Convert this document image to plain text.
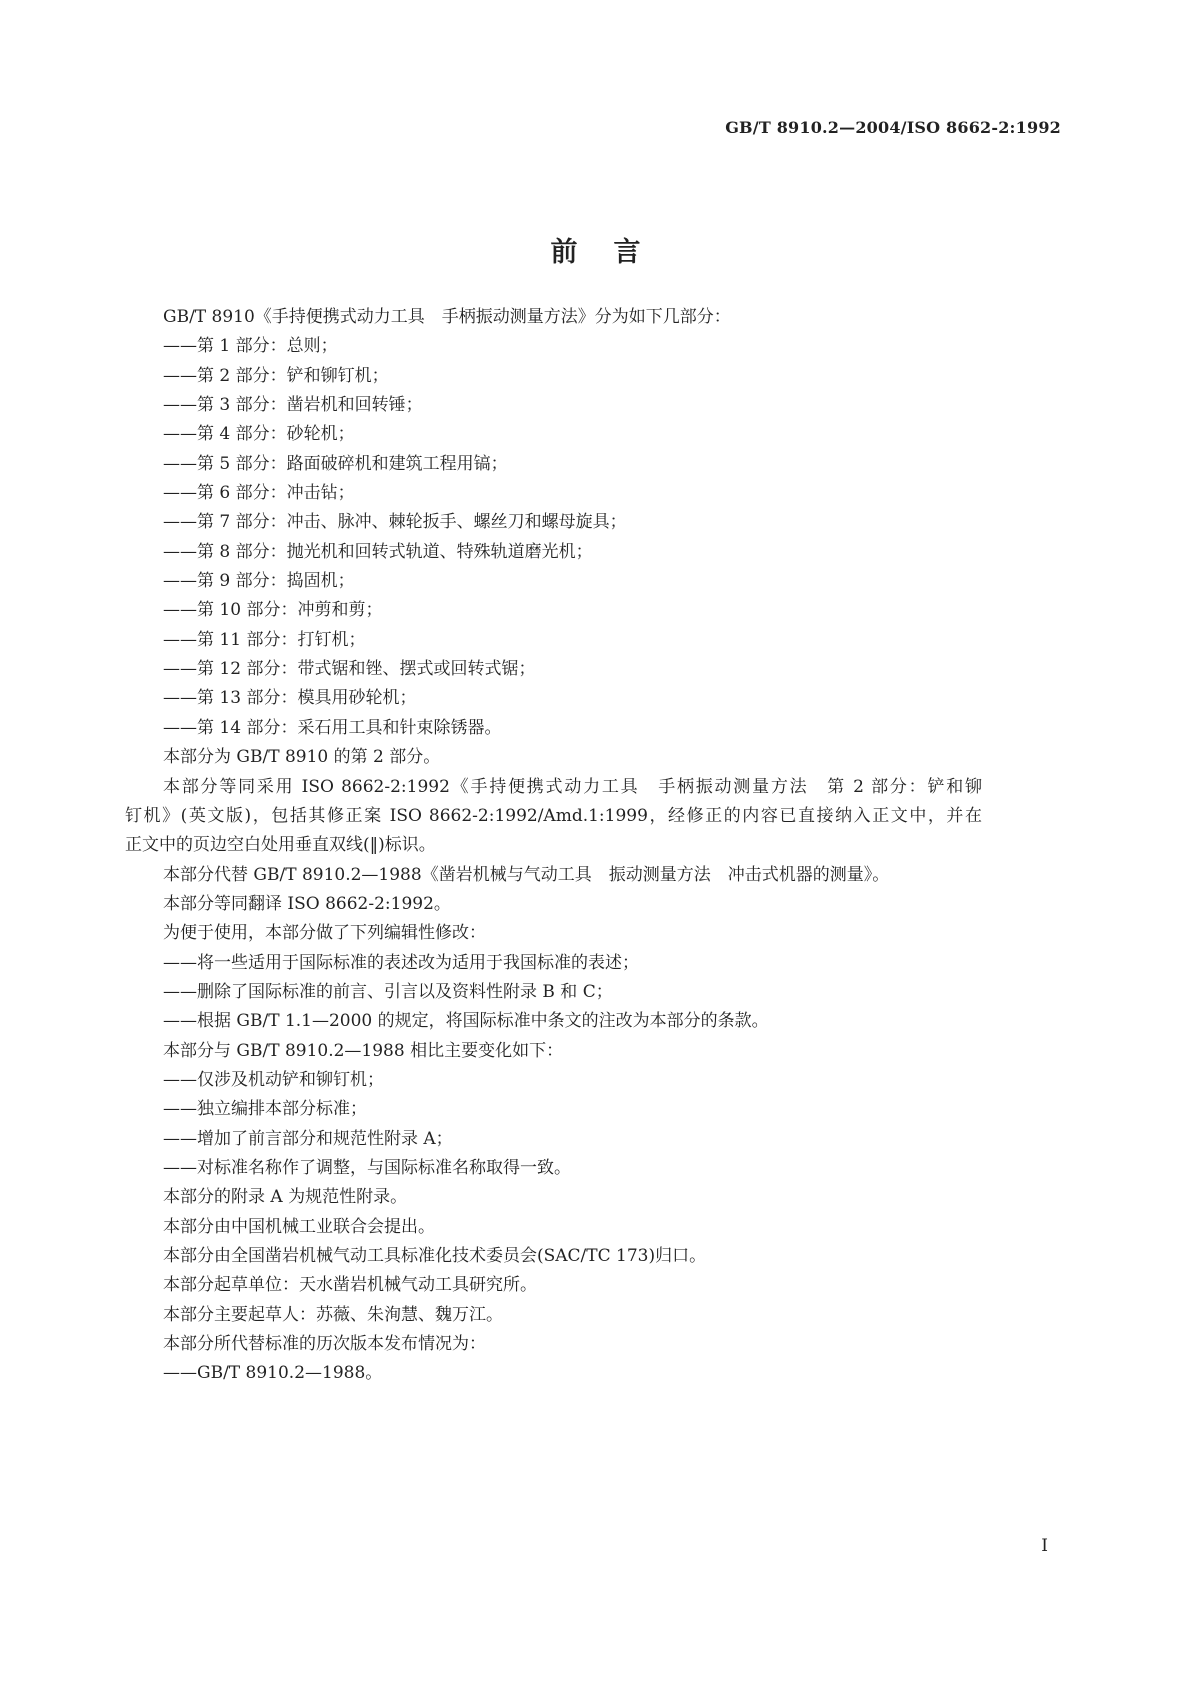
GB/T 8910.2—2004/ISO 8662-2:1992
前言
GB/T 8910《手持便携式动力工具　手柄振动测量方法》分为如下几部分：
——第 1 部分：总则；
——第 2 部分：铲和铆钉机；
——第 3 部分：凿岩机和回转锤；
——第 4 部分：砂轮机；
——第 5 部分：路面破碎机和建筑工程用镐；
——第 6 部分：冲击钻；
——第 7 部分：冲击、脉冲、棘轮扳手、螺丝刀和螺母旋具；
——第 8 部分：抛光机和回转式轨道、特殊轨道磨光机；
——第 9 部分：捣固机；
——第 10 部分：冲剪和剪；
——第 11 部分：打钉机；
——第 12 部分：带式锯和锉、摆式或回转式锯；
——第 13 部分：模具用砂轮机；
——第 14 部分：采石用工具和针束除锈器。
本部分为 GB/T 8910 的第 2 部分。
本部分等同采用 ISO 8662-2:1992《手持便携式动力工具　手柄振动测量方法　第 2 部分：铲和铆
钉机》(英文版)，包括其修正案 ISO 8662-2:1992/Amd.1:1999，经修正的内容已直接纳入正文中，并在
正文中的页边空白处用垂直双线(‖)标识。
本部分代替 GB/T 8910.2—1988《凿岩机械与气动工具　振动测量方法　冲击式机器的测量》。
本部分等同翻译 ISO 8662-2:1992。
为便于使用，本部分做了下列编辑性修改：
——将一些适用于国际标准的表述改为适用于我国标准的表述；
——删除了国际标准的前言、引言以及资料性附录 B 和 C；
——根据 GB/T 1.1—2000 的规定，将国际标准中条文的注改为本部分的条款。
本部分与 GB/T 8910.2—1988 相比主要变化如下：
——仅涉及机动铲和铆钉机；
——独立编排本部分标准；
——增加了前言部分和规范性附录 A；
——对标准名称作了调整，与国际标准名称取得一致。
本部分的附录 A 为规范性附录。
本部分由中国机械工业联合会提出。
本部分由全国凿岩机械气动工具标准化技术委员会(SAC/TC 173)归口。
本部分起草单位：天水凿岩机械气动工具研究所。
本部分主要起草人：苏薇、朱洵慧、魏万江。
本部分所代替标准的历次版本发布情况为：
——GB/T 8910.2—1988。
I
